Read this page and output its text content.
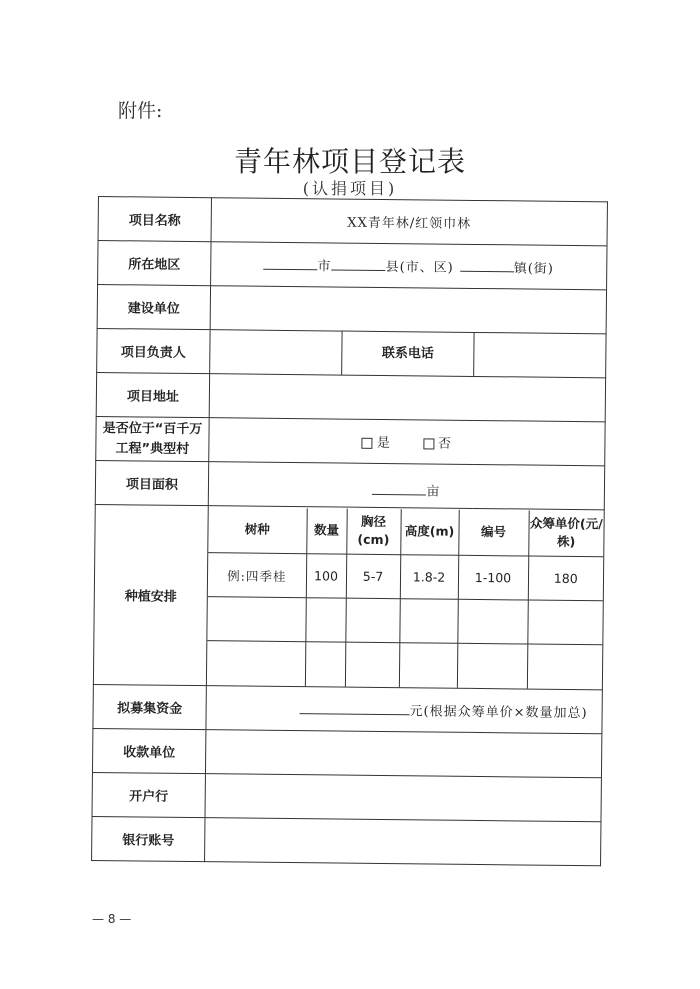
附件:
青年林项目登记表
(认捐项目)
项目名称	XX青年林/红领巾林
所在地区	市	县(市、区)	镇(街)
建设单位	
项目负责人		联系电话	
项目地址	
是否位于“百千万工程”典型村	是	否
项目面积	亩
种植安排	
树种	数量	胸径(cm)	高度(m)	编号	众筹单价(元/株)
例:四季桂	100	5-7	1.8-2	1-100	180

拟募集资金	元(根据众筹单价×数量加总)
收款单位	
开户行	
银行账号	
— 8 —
